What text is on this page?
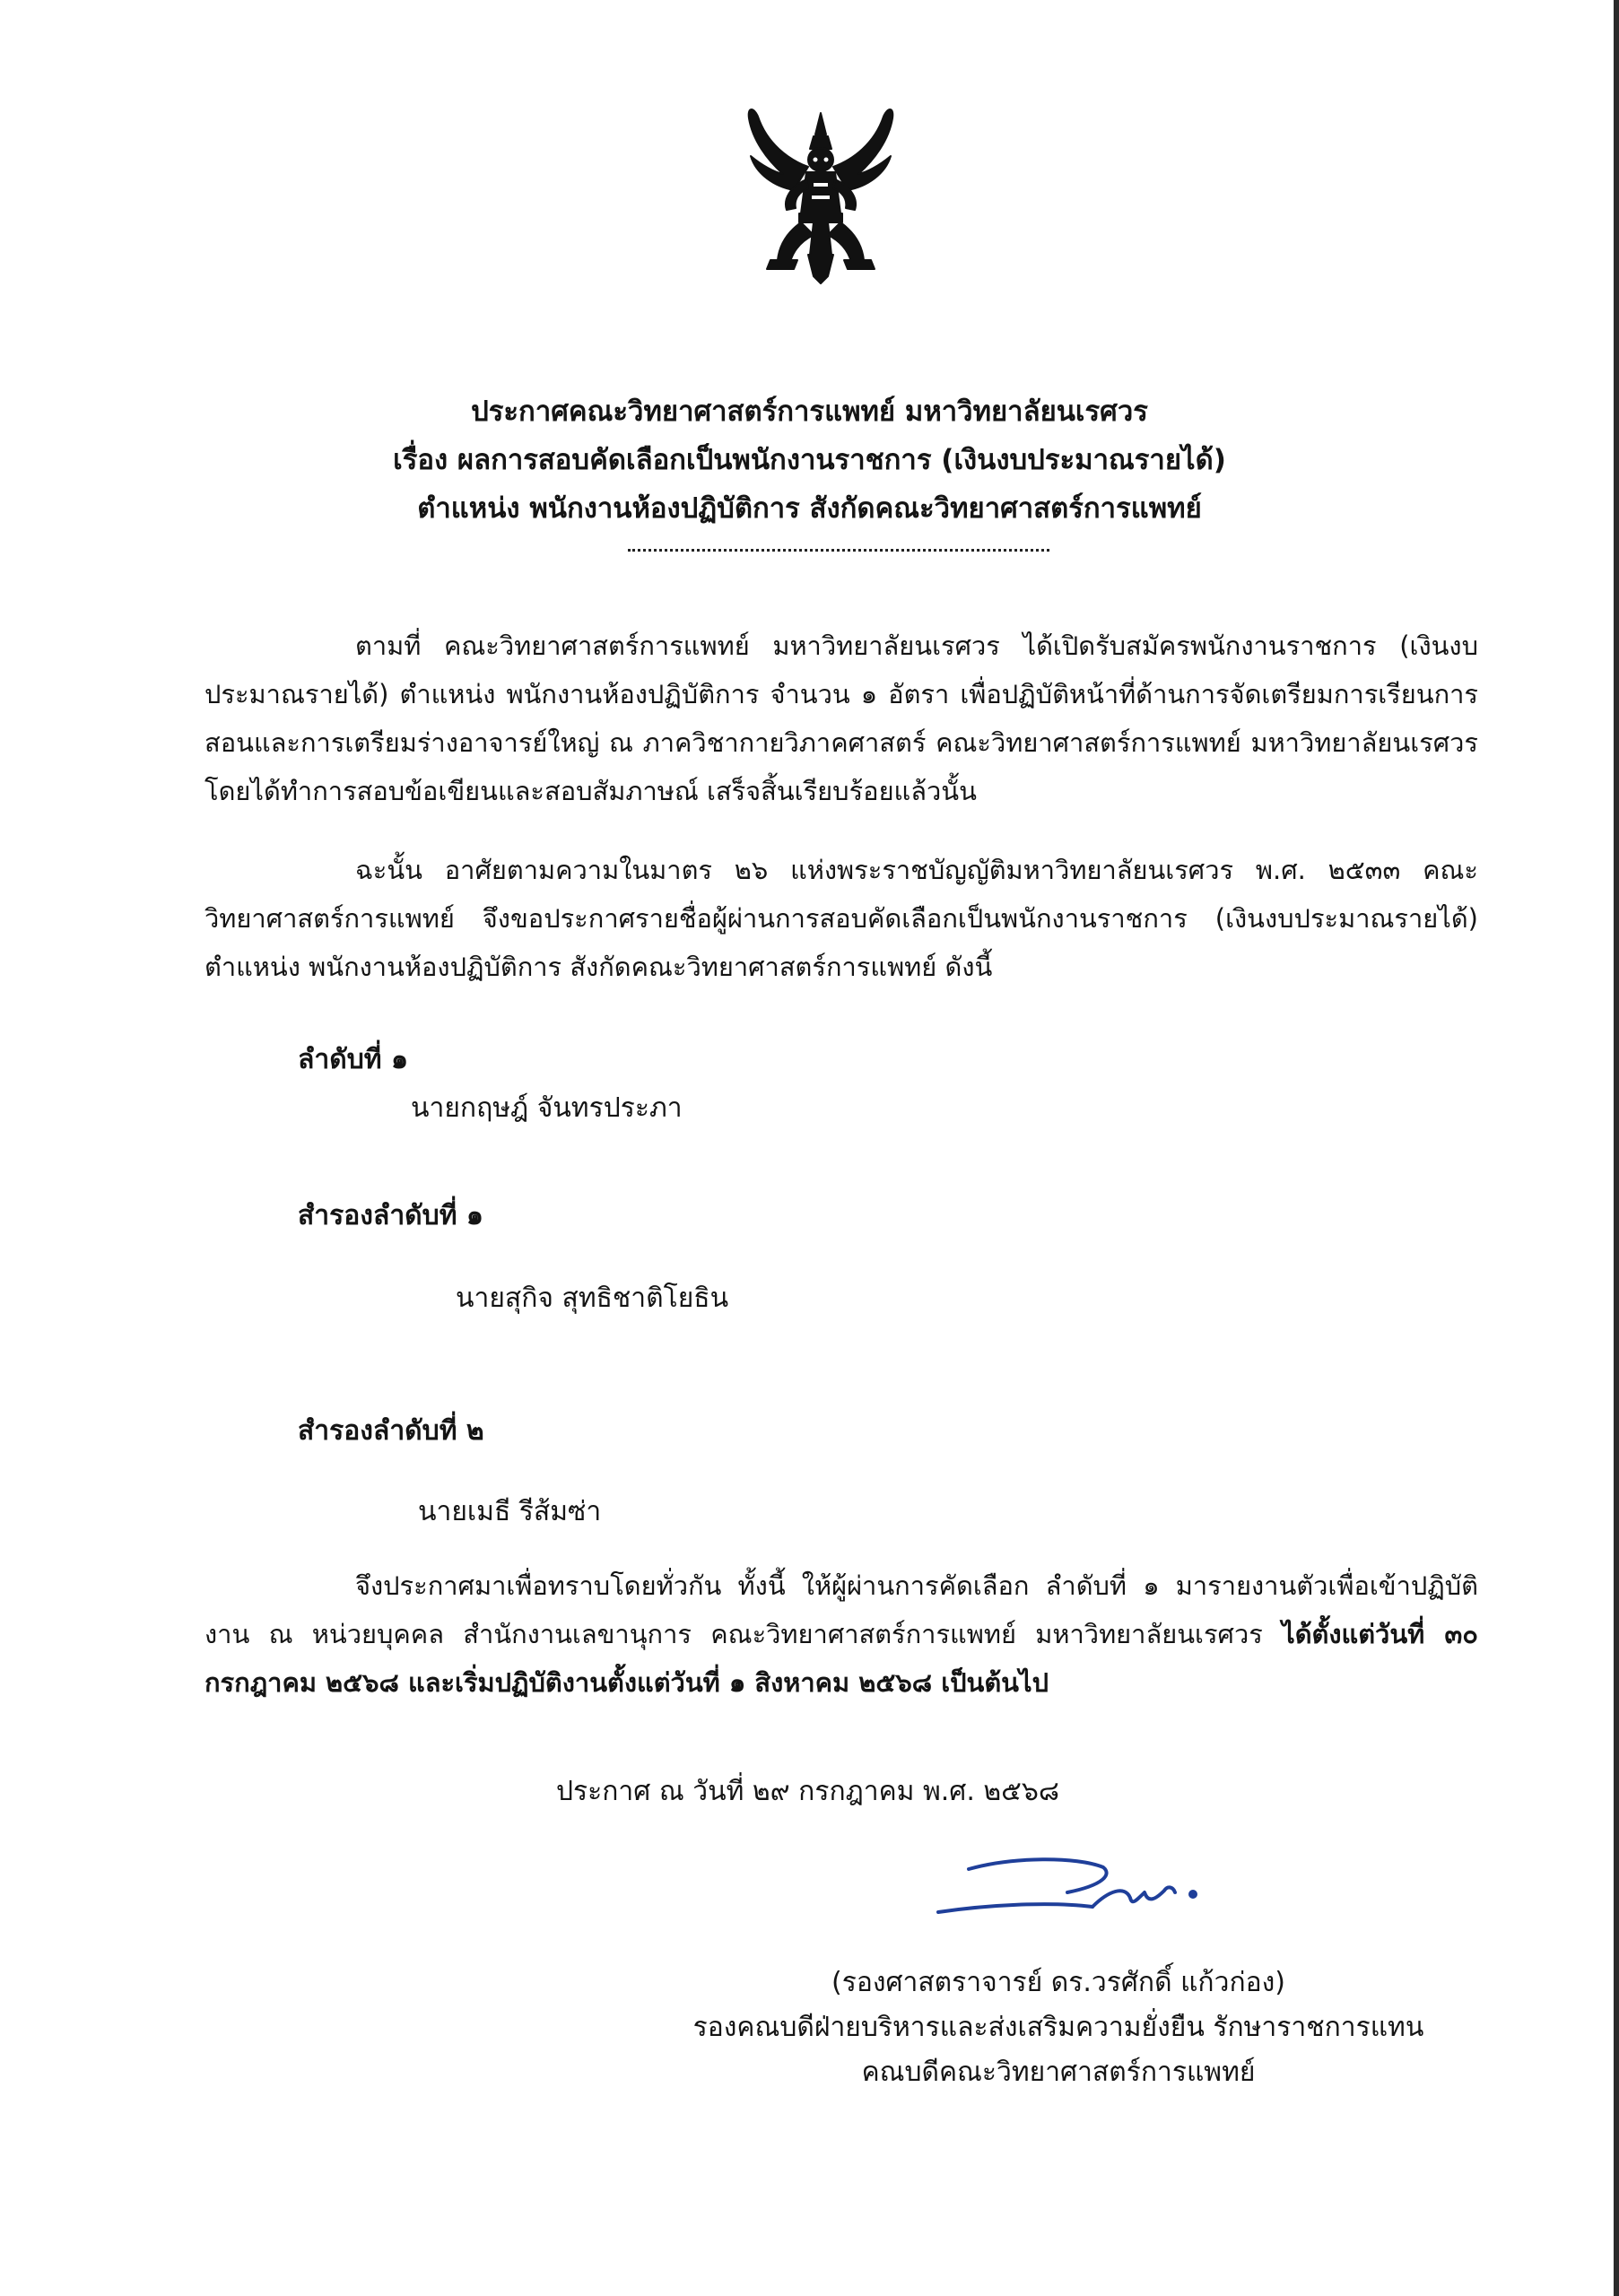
ประกาศคณะวิทยาศาสตร์การแพทย์ มหาวิทยาลัยนเรศวร
เรื่อง ผลการสอบคัดเลือกเป็นพนักงานราชการ (เงินงบประมาณรายได้)
ตำแหน่ง พนักงานห้องปฏิบัติการ สังกัดคณะวิทยาศาสตร์การแพทย์
ตามที่ คณะวิทยาศาสตร์การแพทย์ มหาวิทยาลัยนเรศวร ได้เปิดรับสมัครพนักงานราชการ (เงินงบประมาณรายได้) ตำแหน่ง พนักงานห้องปฏิบัติการ จำนวน ๑ อัตรา เพื่อปฏิบัติหน้าที่ด้านการจัดเตรียมการเรียนการสอนและการเตรียมร่างอาจารย์ใหญ่ ณ ภาควิชากายวิภาคศาสตร์ คณะวิทยาศาสตร์การแพทย์ มหาวิทยาลัยนเรศวร โดยได้ทำการสอบข้อเขียนและสอบสัมภาษณ์ เสร็จสิ้นเรียบร้อยแล้วนั้น
ฉะนั้น อาศัยตามความในมาตร ๒๖ แห่งพระราชบัญญัติมหาวิทยาลัยนเรศวร พ.ศ. ๒๕๓๓ คณะวิทยาศาสตร์การแพทย์ จึงขอประกาศรายชื่อผู้ผ่านการสอบคัดเลือกเป็นพนักงานราชการ (เงินงบประมาณรายได้) ตำแหน่ง พนักงานห้องปฏิบัติการ สังกัดคณะวิทยาศาสตร์การแพทย์ ดังนี้
ลำดับที่ ๑
นายกฤษฎ์ จันทรประภา
สำรองลำดับที่ ๑
นายสุกิจ สุทธิชาติโยธิน
สำรองลำดับที่ ๒
นายเมธี รีส้มซ่า
จึงประกาศมาเพื่อทราบโดยทั่วกัน ทั้งนี้ ให้ผู้ผ่านการคัดเลือก ลำดับที่ ๑ มารายงานตัวเพื่อเข้าปฏิบัติงาน ณ หน่วยบุคคล สำนักงานเลขานุการ คณะวิทยาศาสตร์การแพทย์ มหาวิทยาลัยนเรศวร ได้ตั้งแต่วันที่ ๓๐ กรกฎาคม ๒๕๖๘ และเริ่มปฏิบัติงานตั้งแต่วันที่ ๑ สิงหาคม ๒๕๖๘ เป็นต้นไป
ประกาศ ณ วันที่ ๒๙ กรกฎาคม พ.ศ. ๒๕๖๘
(รองศาสตราจารย์ ดร.วรศักดิ์ แก้วก่อง)
รองคณบดีฝ่ายบริหารและส่งเสริมความยั่งยืน รักษาราชการแทน
คณบดีคณะวิทยาศาสตร์การแพทย์
